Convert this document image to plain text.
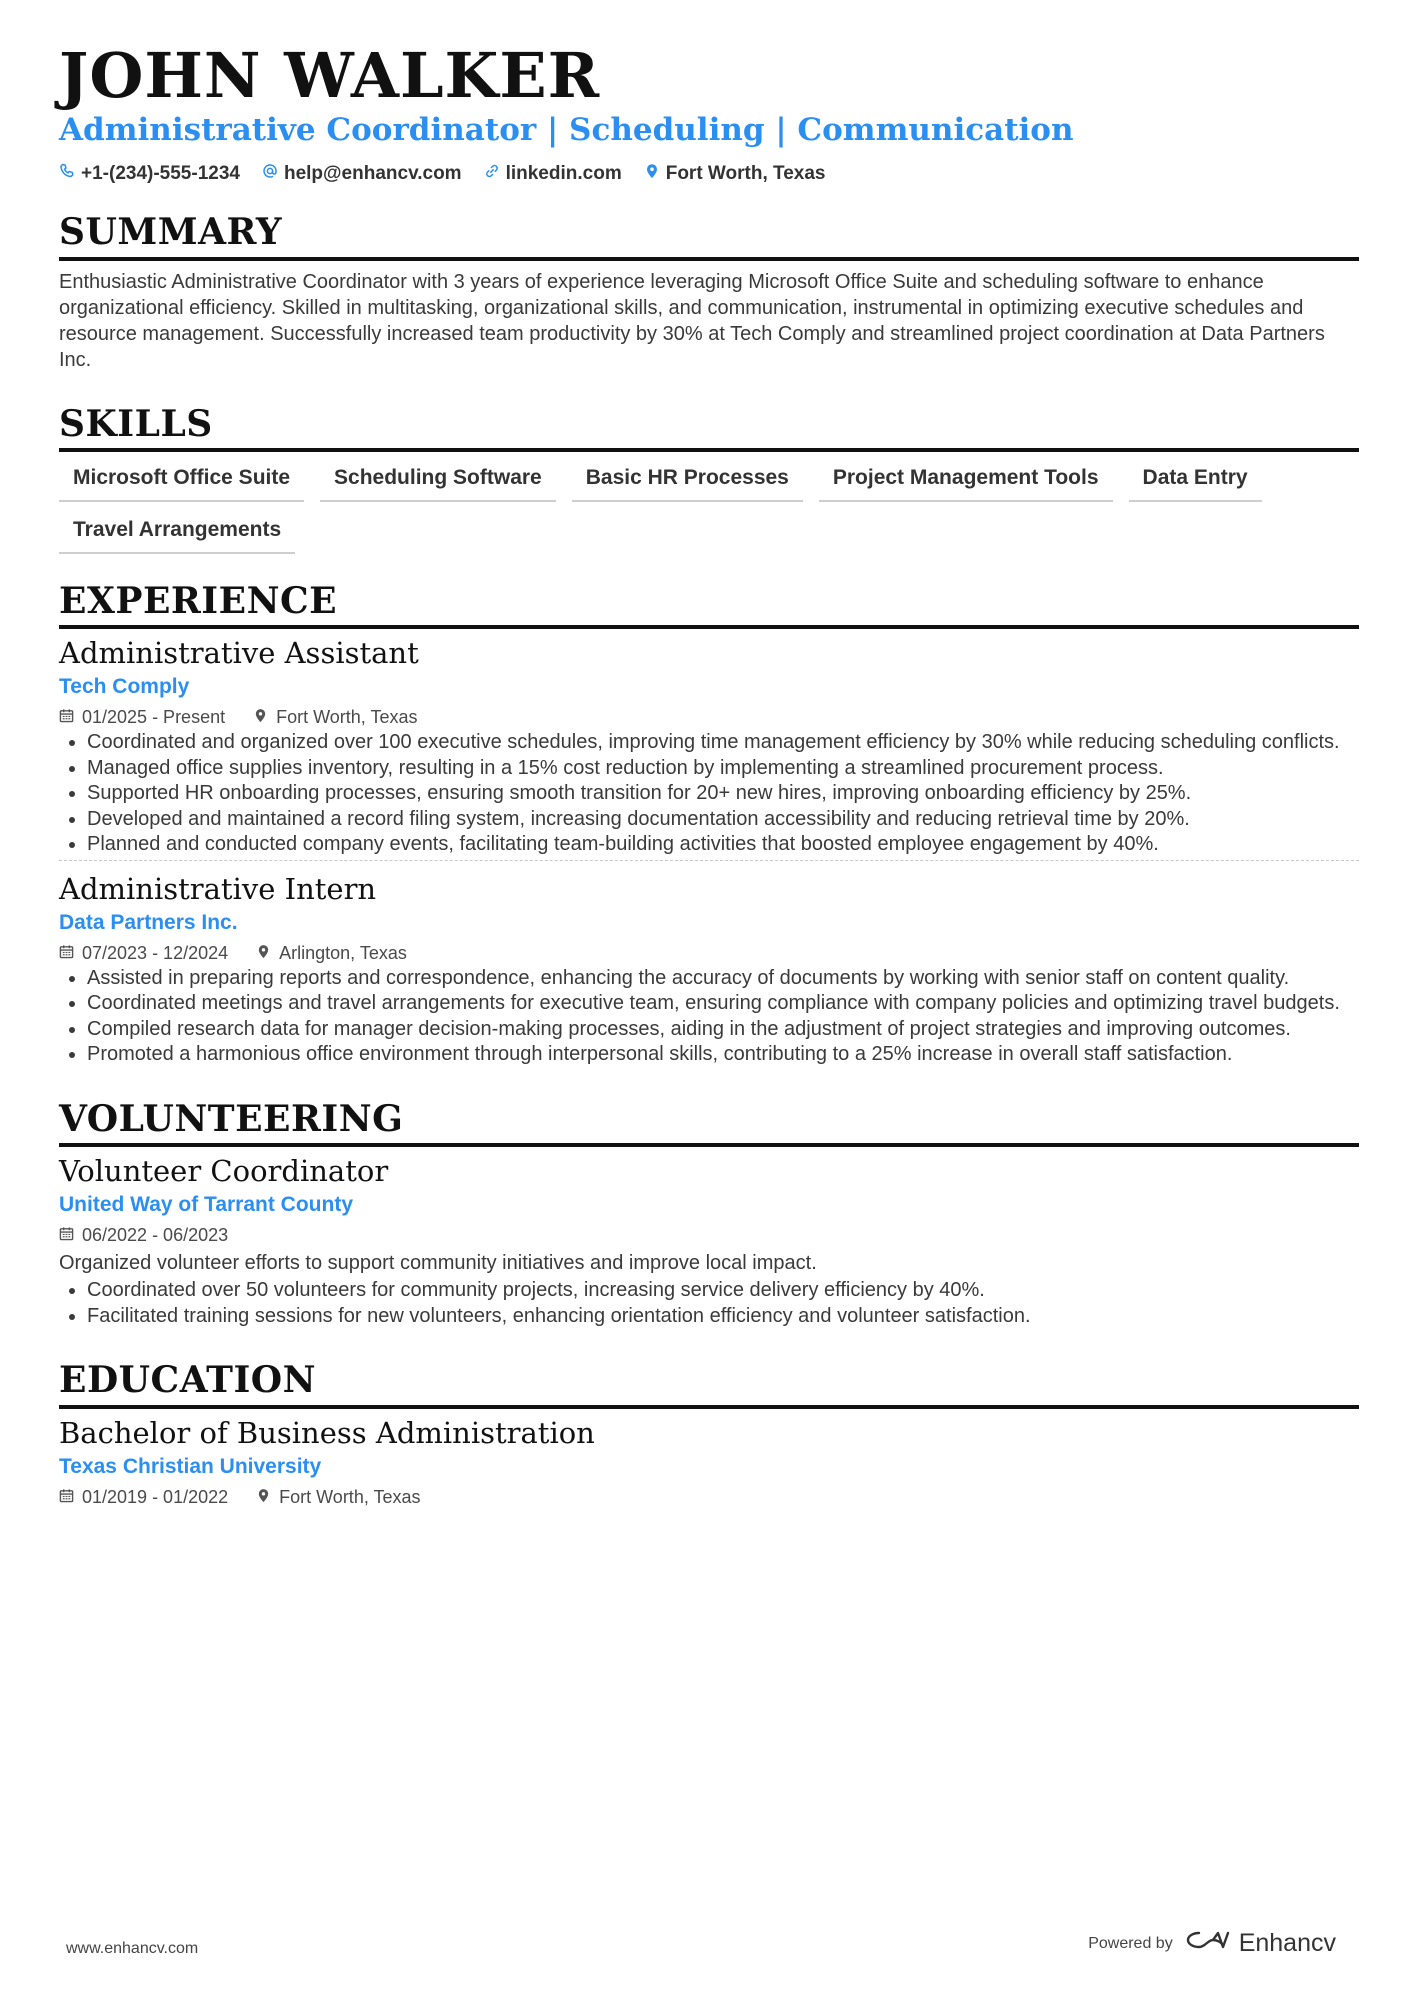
JOHN WALKER
Administrative Coordinator | Scheduling | Communication
+1-(234)-555-1234 help@enhancv.com linkedin.com Fort Worth, Texas
SUMMARY
Enthusiastic Administrative Coordinator with 3 years of experience leveraging Microsoft Office Suite and scheduling software to enhance organizational efficiency. Skilled in multitasking, organizational skills, and communication, instrumental in optimizing executive schedules and resource management. Successfully increased team productivity by 30% at Tech Comply and streamlined project coordination at Data Partners Inc.
SKILLS
Microsoft Office Suite	Scheduling Software	Basic HR Processes	Project Management Tools	Data Entry
Travel Arrangements
EXPERIENCE
Administrative Assistant
Tech Comply
01/2025 - Present	Fort Worth, Texas
• Coordinated and organized over 100 executive schedules, improving time management efficiency by 30% while reducing scheduling conflicts.
• Managed office supplies inventory, resulting in a 15% cost reduction by implementing a streamlined procurement process.
• Supported HR onboarding processes, ensuring smooth transition for 20+ new hires, improving onboarding efficiency by 25%.
• Developed and maintained a record filing system, increasing documentation accessibility and reducing retrieval time by 20%.
• Planned and conducted company events, facilitating team-building activities that boosted employee engagement by 40%.
Administrative Intern
Data Partners Inc.
07/2023 - 12/2024	Arlington, Texas
• Assisted in preparing reports and correspondence, enhancing the accuracy of documents by working with senior staff on content quality.
• Coordinated meetings and travel arrangements for executive team, ensuring compliance with company policies and optimizing travel budgets.
• Compiled research data for manager decision-making processes, aiding in the adjustment of project strategies and improving outcomes.
• Promoted a harmonious office environment through interpersonal skills, contributing to a 25% increase in overall staff satisfaction.
VOLUNTEERING
Volunteer Coordinator
United Way of Tarrant County
06/2022 - 06/2023
Organized volunteer efforts to support community initiatives and improve local impact.
• Coordinated over 50 volunteers for community projects, increasing service delivery efficiency by 40%.
• Facilitated training sessions for new volunteers, enhancing orientation efficiency and volunteer satisfaction.
EDUCATION
Bachelor of Business Administration
Texas Christian University
01/2019 - 01/2022	Fort Worth, Texas
www.enhancv.com	Powered by	Enhancv
